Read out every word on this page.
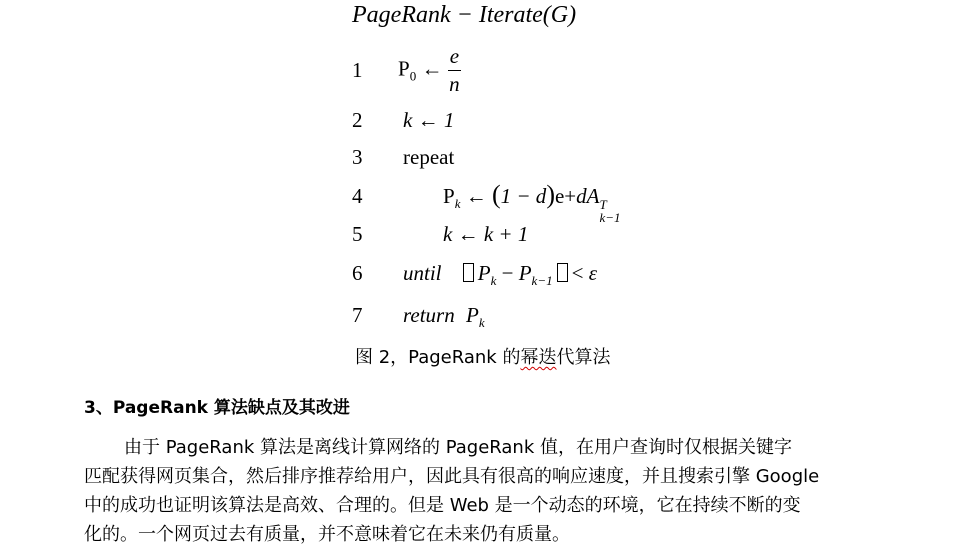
PageRank − Iterate(G)
1 $P_0$ ← $\frac{e}{n}$
2 k ← 1
3 repeat
4	$P_k$ ← (1 − d)e+dA T
k−1
5	k ← k + 1
6 until $P_k - P_{k-1} < \varepsilon$
7 return $P_k$
图 2，PageRank 的幂迭代算法
3、PageRank 算法缺点及其改进
由于 PageRank 算法是离线计算网络的 PageRank 值，在用户查询时仅根据关键字
匹配获得网页集合，然后排序推荐给用户，因此具有很高的响应速度，并且搜索引擎 Google
中的成功也证明该算法是高效、合理的。但是 Web 是一个动态的环境，它在持续不断的变
化的。一个网页过去有质量，并不意味着它在未来仍有质量。
